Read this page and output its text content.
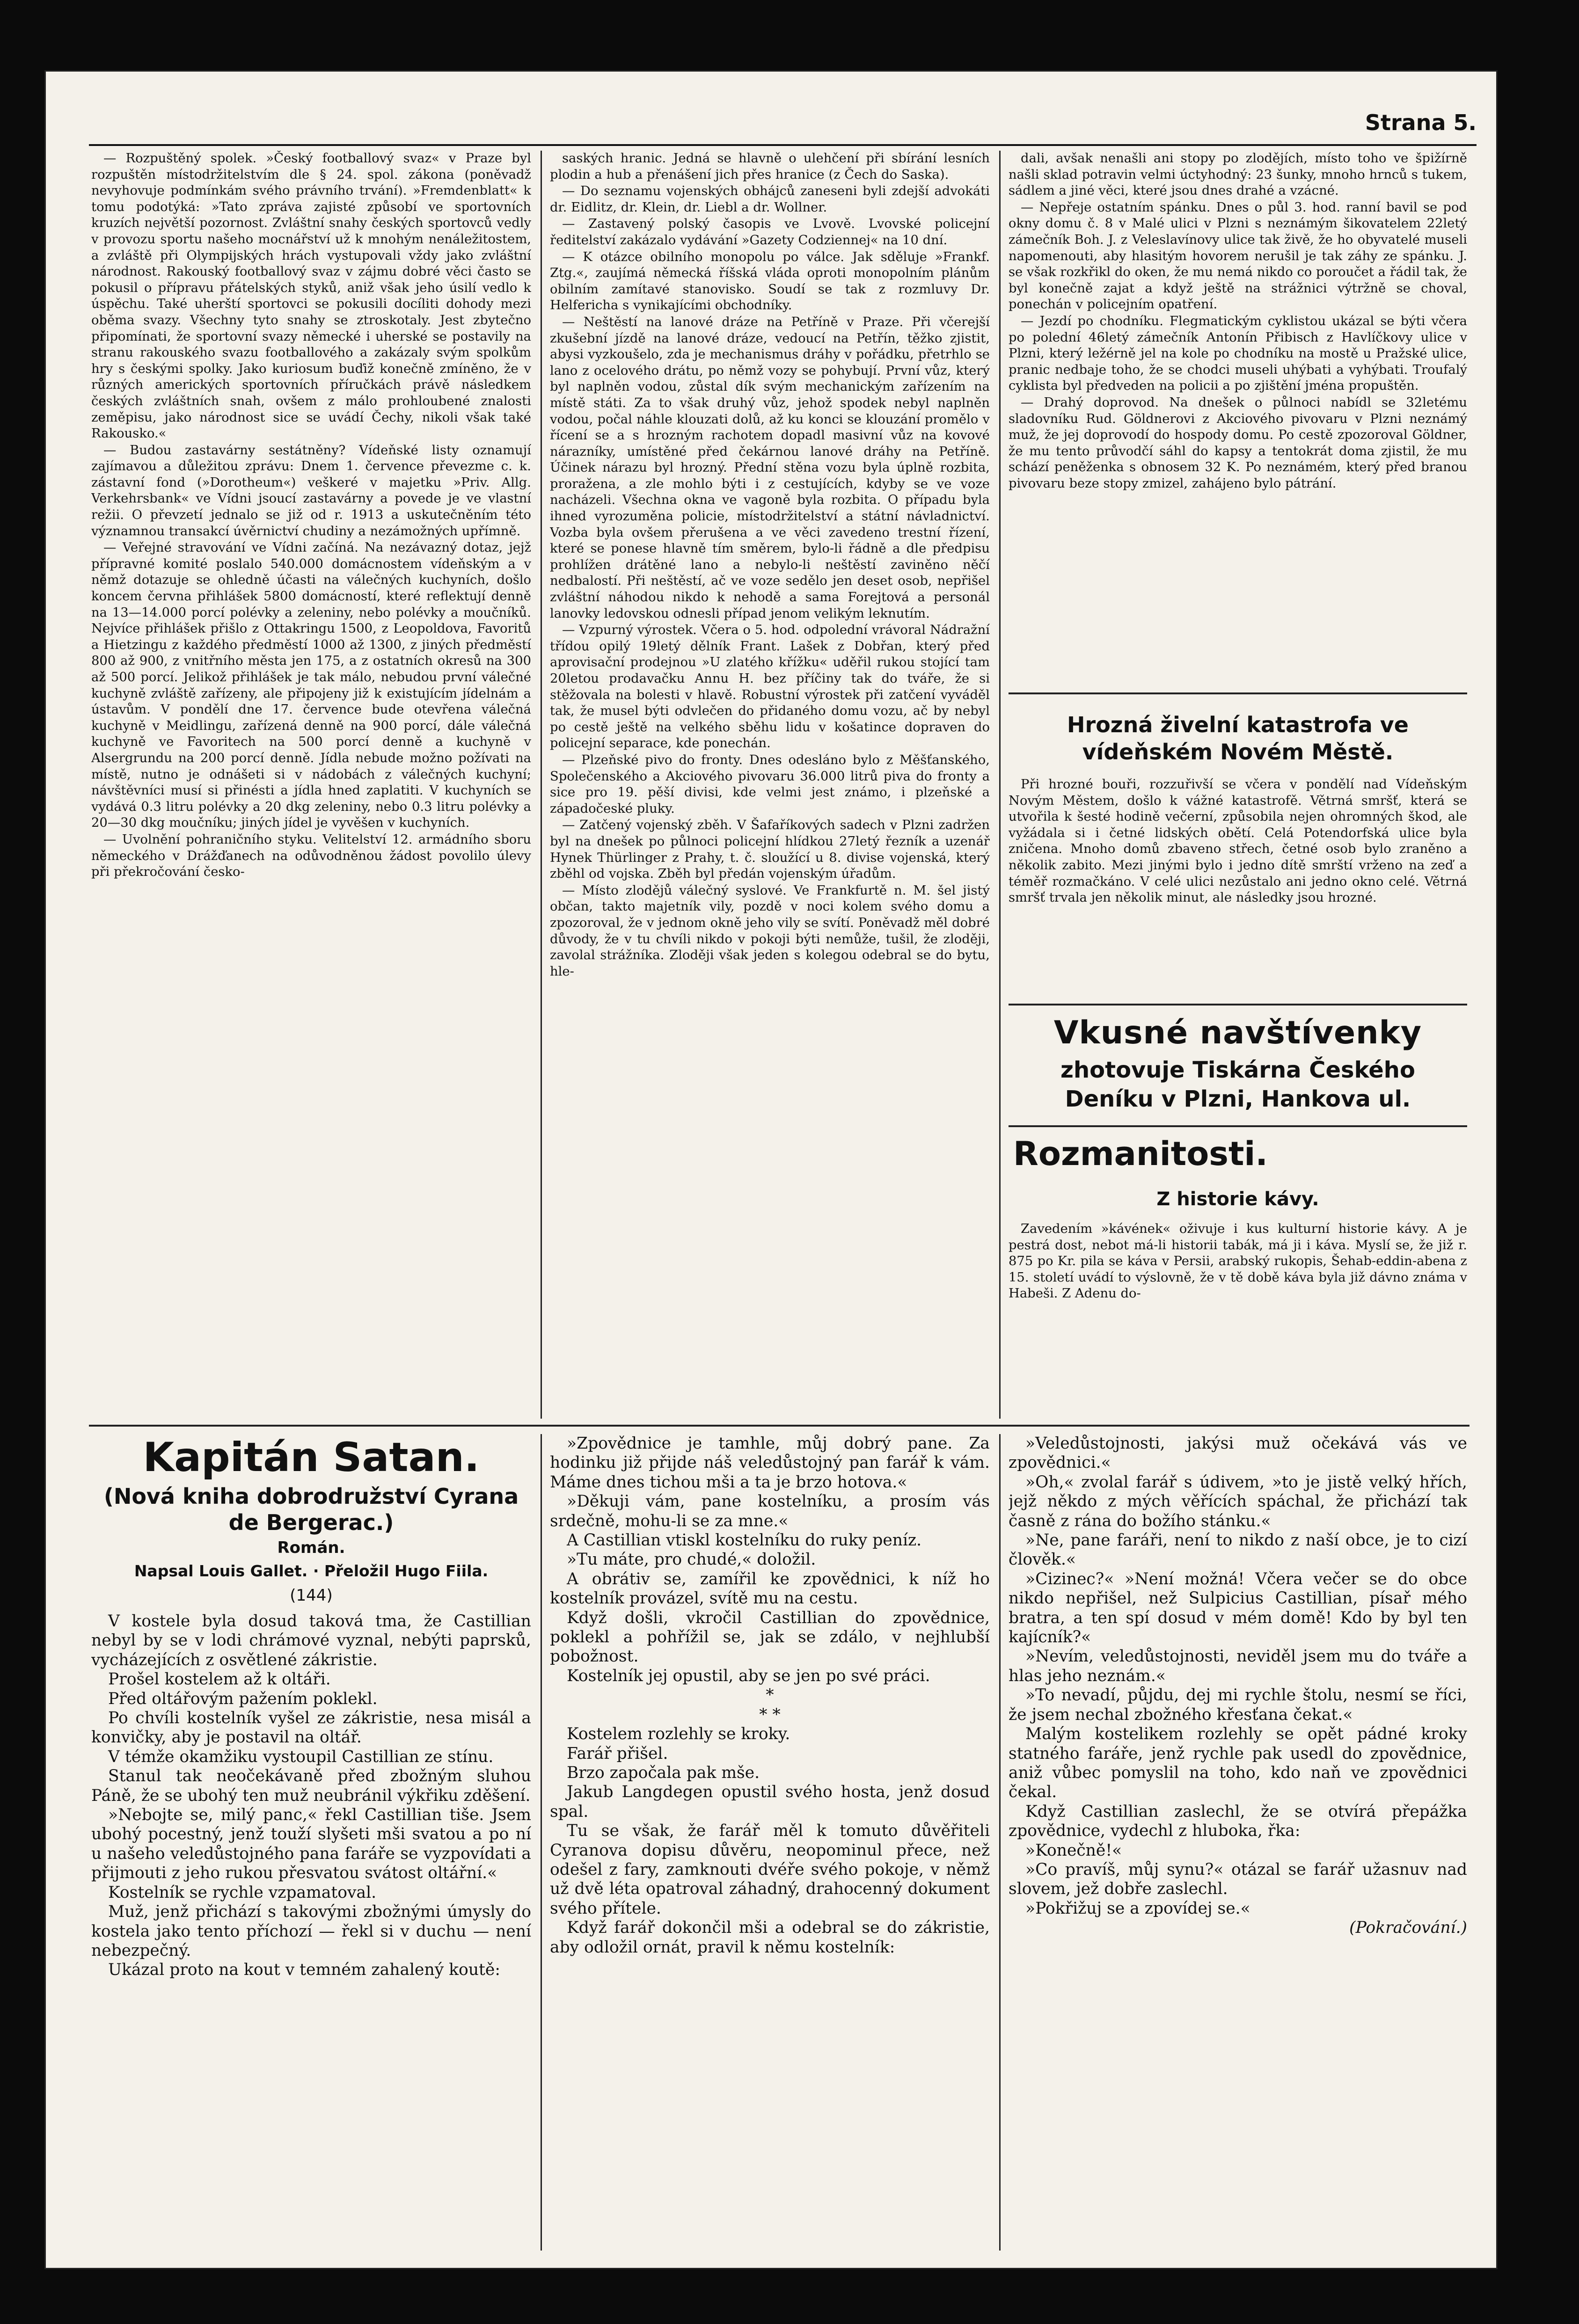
Strana 5.

— Rozpuštěný spolek. »Český footballový svaz« v Praze byl rozpuštěn místodržitelstvím dle § 24. spol. zákona (poněvadž nevyhovuje podmínkám svého právního trvání). »Fremdenblatt« k tomu podotýká: »Tato zpráva zajisté způsobí ve sportovních kruzích největší pozornost. Zvláštní snahy českých sportovců vedly v provozu sportu našeho mocnářství už k mnohým nenáležitostem, a zvláště při Olympijských hrách vystupovali vždy jako zvláštní národnost. Rakouský footballový svaz v zájmu dobré věci často se pokusil o přípravu přátelských styků, aniž však jeho úsilí vedlo k úspěchu. Také uherští sportovci se pokusili docíliti dohody mezi oběma svazy. Všechny tyto snahy se ztroskotaly. Jest zbytečno připomínati, že sportovní svazy německé i uherské se postavily na stranu rakouského svazu footballového a zakázaly svým spolkům hry s českými spolky. Jako kuriosum buďiž konečně zmíněno, že v různých amerických sportovních příručkách právě následkem českých zvláštních snah, ovšem z málo prohloubené znalosti zeměpisu, jako národnost sice se uvádí Čechy, nikoli však také Rakousko.«

— Budou zastavárny sestátněny? Vídeňské listy oznamují zajímavou a důležitou zprávu: Dnem 1. července převezme c. k. zástavní fond (»Dorotheum«) veškeré v majetku »Priv. Allg. Verkehrsbank« ve Vídni jsoucí zastavárny a povede je ve vlastní režii. O převzetí jednalo se již od r. 1913 a uskutečněním této významnou transakcí úvěrnictví chudiny a nezámožných upřímně.

— Veřejné stravování ve Vídni začíná. Na nezávazný dotaz, jejž přípravné komité poslalo 540.000 domácnostem vídeňským a v němž dotazuje se ohledně účasti na válečných kuchyních, došlo koncem června přihlášek 5800 domácností, které reflektují denně na 13—14.000 porcí polévky a zeleniny, nebo polévky a moučníků. Nejvíce přihlášek přišlo z Ottakringu 1500, z Leopoldova, Favoritů a Hietzingu z každého předměstí 1000 až 1300, z jiných předměstí 800 až 900, z vnitřního města jen 175, a z ostatních okresů na 300 až 500 porcí. Jelikož přihlášek je tak málo, nebudou první válečné kuchyně zvláště zařízeny, ale připojeny již k existujícím jídelnám a ústavům. V pondělí dne 17. července bude otevřena válečná kuchyně v Meidlingu, zařízená denně na 900 porcí, dále válečná kuchyně ve Favoritech na 500 porcí denně a kuchyně v Alsergrundu na 200 porcí denně. Jídla nebude možno požívati na místě, nutno je odnášeti si v nádobách z válečných kuchyní; návštěvníci musí si přinésti a jídla hned zaplatiti. V kuchyních se vydává 0.3 litru polévky a 20 dkg zeleniny, nebo 0.3 litru polévky a 20—30 dkg moučníku; jiných jídel je vyvěšen v kuchyních.

— Uvolnění pohraničního styku. Velitelství 12. armádního sboru německého v Drážďanech na odůvodněnou žádost povolilo úlevy při překročování česko-

saských hranic. Jedná se hlavně o ulehčení při sbírání lesních plodin a hub a přenášení jich přes hranice (z Čech do Saska).

— Do seznamu vojenských obhájců zaneseni byli zdejší advokáti dr. Eidlitz, dr. Klein, dr. Liebl a dr. Wollner.

— Zastavený polský časopis ve Lvově. Lvovské policejní ředitelství zakázalo vydávání »Gazety Codziennej« na 10 dní.

— K otázce obilního monopolu po válce. Jak sděluje »Frankf. Ztg.«, zaujímá německá říšská vláda oproti monopolním plánům obilním zamítavé stanovisko. Soudí se tak z rozmluvy Dr. Helfericha s vynikajícími obchodníky.

— Neštěstí na lanové dráze na Petříně v Praze. Při včerejší zkušební jízdě na lanové dráze, vedoucí na Petřín, těžko zjistit, abysi vyzkoušelo, zda je mechanismus dráhy v pořádku, přetrhlo se lano z ocelového drátu, po němž vozy se pohybují. První vůz, který byl naplněn vodou, zůstal dík svým mechanickým zařízením na místě státi. Za to však druhý vůz, jehož spodek nebyl naplněn vodou, počal náhle klouzati dolů, až ku konci se klouzání promělo v řícení se a s hrozným rachotem dopadl masivní vůz na kovové nárazníky, umístěné před čekárnou lanové dráhy na Petříně. Účinek nárazu byl hrozný. Přední stěna vozu byla úplně rozbita, proražena, a zle mohlo býti i z cestujících, kdyby se ve voze nacházeli. Všechna okna ve vagoně byla rozbita. O případu byla ihned vyrozuměna policie, místodržitelství a státní návladnictví. Vozba byla ovšem přerušena a ve věci zavedeno trestní řízení, které se ponese hlavně tím směrem, bylo-li řádně a dle předpisu prohlížen drátěné lano a nebylo-li neštěstí zaviněno něčí nedbalostí. Při neštěstí, ač ve voze sedělo jen deset osob, nepřišel zvláštní náhodou nikdo k nehodě a sama Forejtová a personál lanovky ledovskou odnesli případ jenom velikým leknutím.

— Vzpurný výrostek. Včera o 5. hod. odpolední vrávoral Nádražní třídou opilý 19letý dělník Frant. Lašek z Dobřan, který před aprovisační prodejnou »U zlatého křížku« uděřil rukou stojící tam 20letou prodavačku Annu H. bez příčiny tak do tváře, že si stěžovala na bolesti v hlavě. Robustní výrostek při zatčení vyváděl tak, že musel býti odvlečen do přidaného domu vozu, ač by nebyl po cestě ještě na velkého sběhu lidu v košatince dopraven do policejní separace, kde ponechán.

— Plzeňské pivo do fronty. Dnes odesláno bylo z Měšťanského, Společenského a Akciového pivovaru 36.000 litrů piva do fronty a sice pro 19. pěší divisi, kde velmi jest známo, i plzeňské a západočeské pluky.

— Zatčený vojenský zběh. V Šafaříkových sadech v Plzni zadržen byl na dnešek po půlnoci policejní hlídkou 27letý řezník a uzenář Hynek Thürlinger z Prahy, t. č. sloužící u 8. divise vojenská, který zběhl od vojska. Zběh byl předán vojenským úřadům.

— Místo zlodějů válečný syslové. Ve Frankfurtě n. M. šel jistý občan, takto majetník vily, pozdě v noci kolem svého domu a zpozoroval, že v jednom okně jeho vily se svítí. Poněvadž měl dobré důvody, že v tu chvíli nikdo v pokoji býti nemůže, tušil, že zloději, zavolal strážníka. Zloději však jeden s kolegou odebral se do bytu, hle-

dali, avšak nenašli ani stopy po zlodějích, místo toho ve špižírně našli sklad potravin velmi úctyhodný: 23 šunky, mnoho hrnců s tukem, sádlem a jiné věci, které jsou dnes drahé a vzácné.

— Nepřeje ostatním spánku. Dnes o půl 3. hod. ranní bavil se pod okny domu č. 8 v Malé ulici v Plzni s neznámým šikovatelem 22letý zámečník Boh. J. z Veleslavínovy ulice tak živě, že ho obyvatelé museli napomenouti, aby hlasitým hovorem nerušil je tak záhy ze spánku. J. se však rozkřikl do oken, že mu nemá nikdo co poroučet a řádil tak, že byl konečně zajat a když ještě na strážnici výtržně se choval, ponechán v policejním opatření.

— Jezdí po chodníku. Flegmatickým cyklistou ukázal se býti včera po polední 46letý zámečník Antonín Přibisch z Havlíčkovy ulice v Plzni, který ležérně jel na kole po chodníku na mostě u Pražské ulice, pranic nedbaje toho, že se chodci museli uhýbati a vyhýbati. Troufalý cyklista byl předveden na policii a po zjištění jména propuštěn.

— Drahý doprovod. Na dnešek o půlnoci nabídl se 32letému sladovníku Rud. Göldnerovi z Akciového pivovaru v Plzni neznámý muž, že jej doprovodí do hospody domu. Po cestě zpozoroval Göldner, že mu tento průvodčí sáhl do kapsy a tentokrát doma zjistil, že mu schází peněženka s obnosem 32 K. Po neznámém, který před branou pivovaru beze stopy zmizel, zahájeno bylo pátrání.

Hrozná živelní katastrofa ve vídeňském Novém Městě.

Při hrozné bouři, rozzuřivší se včera v pondělí nad Vídeňským Novým Městem, došlo k vážné katastrofě. Větrná smršť, která se utvořila k šesté hodině večerní, způsobila nejen ohromných škod, ale vyžádala si i četné lidských obětí. Celá Potendorfská ulice byla zničena. Mnoho domů zbaveno střech, četné osob bylo zraněno a několik zabito. Mezi jinými bylo i jedno dítě smrští vrženo na zeď a téměř rozmačkáno. V celé ulici nezůstalo ani jedno okno celé. Větrná smršť trvala jen několik minut, ale následky jsou hrozné.

Vkusné navštívenky
zhotovuje Tiskárna Českého
Deníku v Plzni, Hankova ul.
Rozmanitosti.
Z historie kávy.

Zavedením »kávének« oživuje i kus kulturní historie kávy. A je pestrá dost, nebot má-li historii tabák, má ji i káva. Myslí se, že již r. 875 po Kr. pila se káva v Persii, arabský rukopis, Šehab-eddin-abena z 15. století uvádí to výslovně, že v tě době káva byla již dávno známa v Habeši. Z Adenu do-

Kapitán Satan.
(Nová kniha dobrodružství Cyrana
de Bergerac.)
Román.
Napsal Louis Gallet. · Přeložil Hugo Fiila.
(144)

V kostele byla dosud taková tma, že Castillian nebyl by se v lodi chrámové vyznal, nebýti paprsků, vycházejících z osvětlené zákristie.

Prošel kostelem až k oltáři.

Před oltářovým pažením poklekl.

Po chvíli kostelník vyšel ze zákristie, nesa misál a konvičky, aby je postavil na oltář.

V témže okamžiku vystoupil Castillian ze stínu.

Stanul tak neočekávaně před zbožným sluhou Páně, že se ubohý ten muž neubránil výkřiku zděšení.

»Nebojte se, milý panc,« řekl Castillian tiše. Jsem ubohý pocestný, jenž touží slyšeti mši svatou a po ní u našeho veledůstojného pana faráře se vyzpovídati a přijmouti z jeho rukou přesvatou svátost oltářní.«

Kostelník se rychle vzpamatoval.

Muž, jenž přichází s takovými zbožnými úmysly do kostela jako tento příchozí — řekl si v duchu — není nebezpečný.

Ukázal proto na kout v temném zahalený koutě:

»Zpovědnice je tamhle, můj dobrý pane. Za hodinku již přijde náš veledůstojný pan farář k vám. Máme dnes tichou mši a ta je brzo hotova.«

»Děkuji vám, pane kostelníku, a prosím vás srdečně, mohu-li se za mne.«

A Castillian vtiskl kostelníku do ruky peníz.

»Tu máte, pro chudé,« doložil.

A obrátiv se, zamířil ke zpovědnici, k níž ho kostelník provázel, svítě mu na cestu.

Když došli, vkročil Castillian do zpovědnice, poklekl a pohřížil se, jak se zdálo, v nejhlubší pobožnost.

Kostelník jej opustil, aby se jen po své práci.

*

* *

Kostelem rozlehly se kroky.

Farář přišel.

Brzo započala pak mše.

Jakub Langdegen opustil svého hosta, jenž dosud spal.

Tu se však, že farář měl k tomuto důvěřiteli Cyranova dopisu důvěru, neopominul přece, než odešel z fary, zamknouti dvéře svého pokoje, v němž už dvě léta opatroval záhadný, drahocenný dokument svého přítele.

Když farář dokončil mši a odebral se do zákristie, aby odložil ornát, pravil k němu kostelník:

»Veledůstojnosti, jakýsi muž očekává vás ve zpovědnici.«

»Oh,« zvolal farář s údivem, »to je jistě velký hřích, jejž někdo z mých věřících spáchal, že přichází tak časně z rána do božího stánku.«

»Ne, pane faráři, není to nikdo z naší obce, je to cizí člověk.«

»Cizinec?« »Není možná! Včera večer se do obce nikdo nepřišel, než Sulpicius Castillian, písař mého bratra, a ten spí dosud v mém domě! Kdo by byl ten kajícník?«

»Nevím, veledůstojnosti, neviděl jsem mu do tváře a hlas jeho neznám.«

»To nevadí, půjdu, dej mi rychle štolu, nesmí se říci, že jsem nechal zbožného křesťana čekat.«

Malým kostelikem rozlehly se opět pádné kroky statného faráře, jenž rychle pak usedl do zpovědnice, aniž vůbec pomyslil na toho, kdo naň ve zpovědnici čekal.

Když Castillian zaslechl, že se otvírá přepážka zpovědnice, vydechl z hluboka, řka:

»Konečně!«

»Co pravíš, můj synu?« otázal se farář užasnuv nad slovem, jež dobře zaslechl.

»Pokřižuj se a zpovídej se.«

(Pokračování.)
